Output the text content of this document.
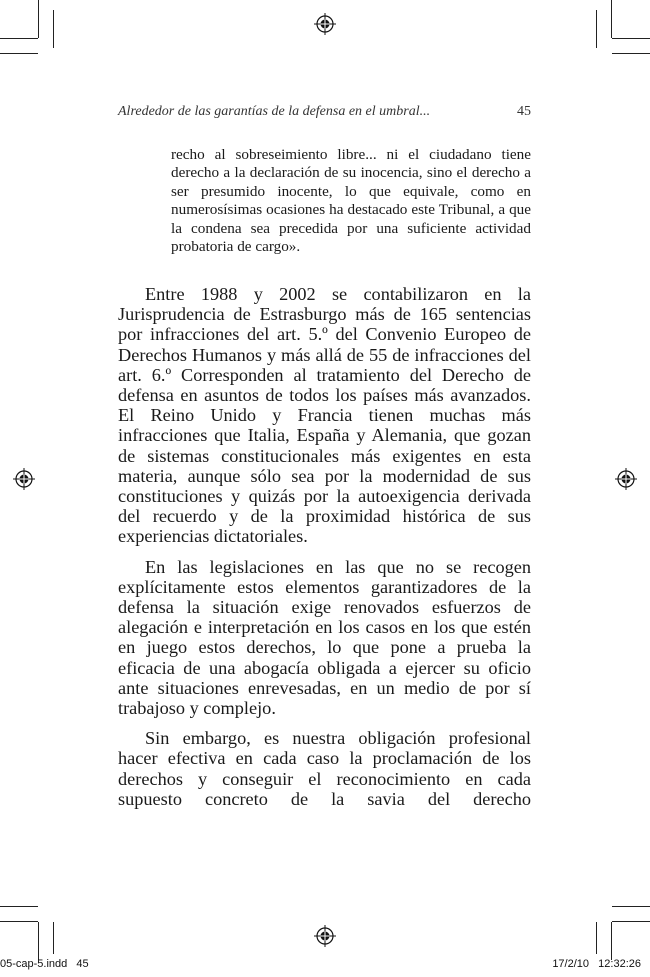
Alrededor de las garantías de la defensa en el umbral...	45

recho al sobreseimiento libre... ni el ciudadano tiene derecho a la declaración de su inocencia, sino el derecho a ser presumido inocente, lo que equivale, como en numerosísimas ocasiones ha destacado este Tribunal, a que la condena sea precedida por una suficiente actividad probatoria de cargo».

Entre 1988 y 2002 se contabilizaron en la Jurisprudencia de Estrasburgo más de 165 sentencias por infracciones del art. 5.º del Convenio Europeo de Derechos Humanos y más allá de 55 de infracciones del art. 6.º Corresponden al tratamiento del Derecho de defensa en asuntos de todos los países más avanzados. El Reino Unido y Francia tienen muchas más infracciones que Italia, España y Alemania, que gozan de sistemas constitucionales más exigentes en esta materia, aunque sólo sea por la modernidad de sus constituciones y quizás por la autoexigencia derivada del recuerdo y de la proximidad histórica de sus experiencias dictatoriales.

En las legislaciones en las que no se recogen explícitamente estos elementos garantizadores de la defensa la situación exige renovados esfuerzos de alegación e interpretación en los casos en los que estén en juego estos derechos, lo que pone a prueba la eficacia de una abogacía obligada a ejercer su oficio ante situaciones enrevesadas, en un medio de por sí trabajoso y complejo.

Sin embargo, es nuestra obligación profesional hacer efectiva en cada caso la proclamación de los derechos y conseguir el reconocimiento en cada supuesto concreto de la savia del derecho

05-cap-5.indd   45	17/2/10   12:32:26
